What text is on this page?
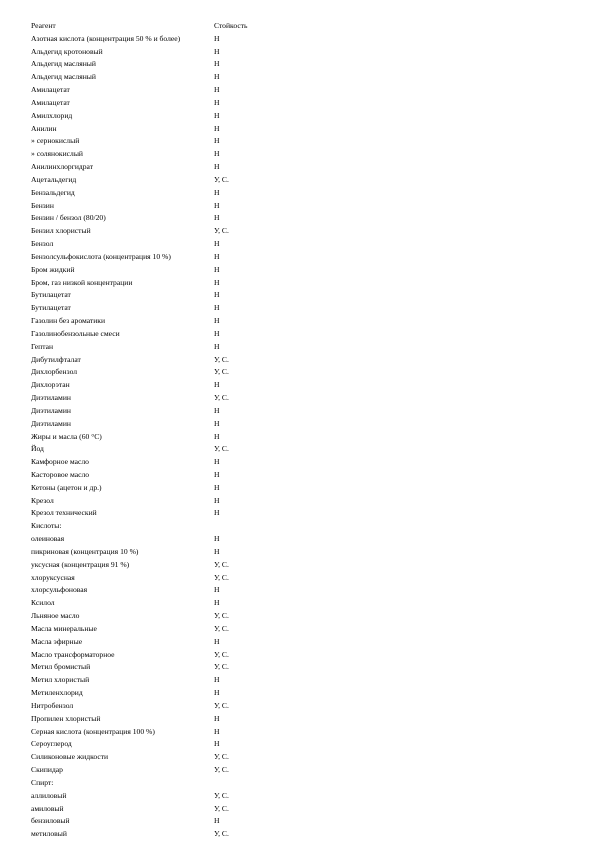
Реагент	Стойкость
Азотная кислота (концентрация 50 % и более)	Н
Альдегид кротоновый	Н
Альдегид масляный	Н
Альдегид масляный	Н
Амилацетат	Н
Амилацетат	Н
Амилхлорид	Н
Анилин	Н
» сернокислый	Н
» солянокислый	Н
Анилинхлоргидрат	Н
Ацетальдегид	У, С.
Бензальдегид	Н
Бензин	Н
Бензин / бензол (80/20)	Н
Бензил хлористый	У, С.
Бензол	Н
Бензолсульфокислота (концентрация 10 %)	Н
Бром жидкий	Н
Бром, газ низкой концентрации	Н
Бутилацетат	Н
Бутилацетат	Н
Газолин без ароматики	Н
Газолинобензольные смеси	Н
Гептан	Н
Дибутилфталат	У, С.
Дихлорбензол	У, С.
Дихлорэтан	Н
Диэтиламин	У, С.
Диэтиламин	Н
Диэтиламин	Н
Жиры и масла (60 °С)	Н
Йод	У, С.
Камфорное масло	Н
Касторовое масло	Н
Кетоны (ацетон и др.)	Н
Крезол	Н
Крезол технический	Н
Кислоты:
олеиновая	Н
пикриновая (концентрация 10 %)	Н
уксусная (концентрация 91 %)	У, С.
хлоруксусная	У, С.
хлорсульфоновая	Н
Ксилол	Н
Льняное масло	У, С.
Масла минеральные	У, С.
Масла эфирные	Н
Масло трансформаторное	У, С.
Метил бромистый	У, С.
Метил хлористый	Н
Метиленхлорид	Н
Нитробензол	У, С.
Пропилен хлористый	Н
Серная кислота (концентрация 100 %)	Н
Сероуглерод	Н
Силиконовые жидкости	У, С.
Скипидар	У, С.
Спирт:
аллиловый	У, С.
амиловый	У, С.
бензиловый	Н
метиловый	У, С.
